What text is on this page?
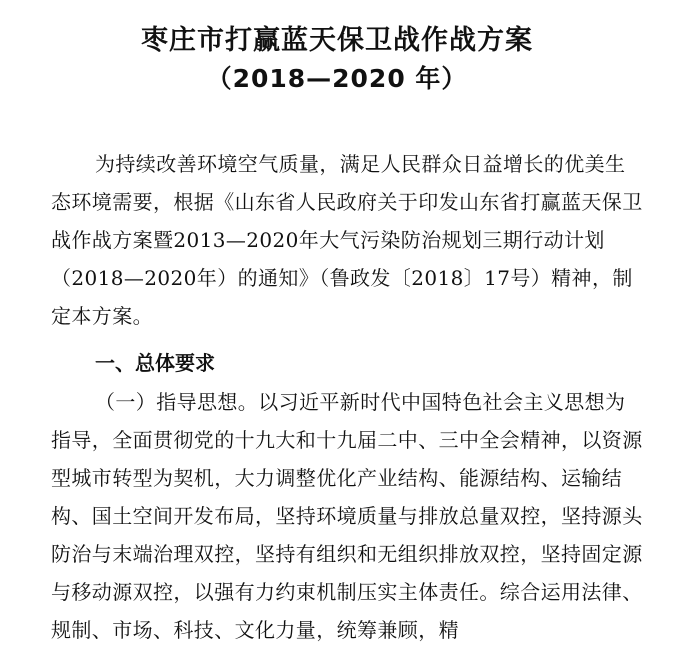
枣庄市打赢蓝天保卫战作战方案
（2018—2020 年）
为持续改善环境空气质量，满足人民群众日益增长的优美生态环境需要，根据《山东省人民政府关于印发山东省打赢蓝天保卫战作战方案暨2013—2020年大气污染防治规划三期行动计划（2018—2020年）的通知》（鲁政发〔2018〕17号）精神，制定本方案。
一、总体要求
（一）指导思想。以习近平新时代中国特色社会主义思想为指导，全面贯彻党的十九大和十九届二中、三中全会精神，以资源型城市转型为契机，大力调整优化产业结构、能源结构、运输结构、国土空间开发布局，坚持环境质量与排放总量双控，坚持源头防治与末端治理双控，坚持有组织和无组织排放双控，坚持固定源与移动源双控，以强有力约束机制压实主体责任。综合运用法律、规制、市场、科技、文化力量，统筹兼顾，精
